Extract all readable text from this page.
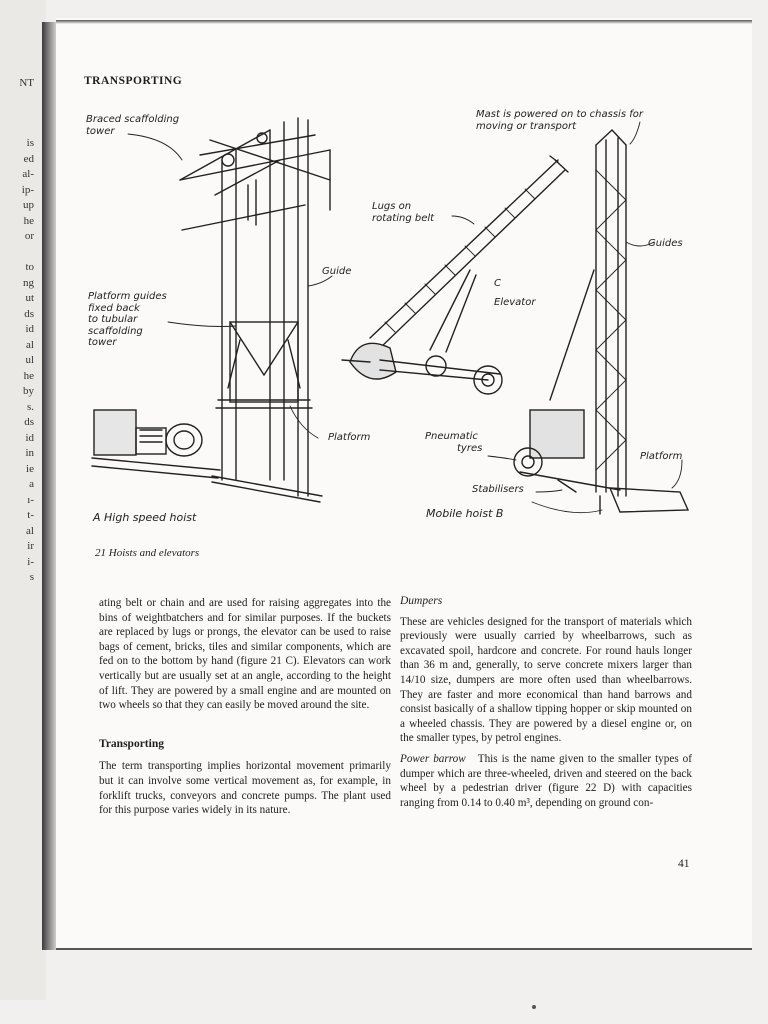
NT
is
ed
al-
ip-
up
he
or

to
ng
ut
ds
id
al
ul
he
by
s.
ds
id
in
ie
a
ı-
t-
al
ir
i-
s
TRANSPORTING
Braced scaffolding
tower
Guide
Platform guides
fixed back
to tubular
scaffolding
tower
Platform
A High speed hoist
Mast is powered on to chassis for
moving or transport
Lugs on
rotating belt
C
Elevator
Guides
Pneumatic
tyres
Platform
Stabilisers
Mobile hoist B
21 Hoists and elevators

ating belt or chain and are used for raising aggregates into the bins of weightbatchers and for similar purposes. If the buckets are replaced by lugs or prongs, the elevator can be used to raise bags of cement, bricks, tiles and similar components, which are fed on to the bottom by hand (figure 21 C). Elevators can work vertically but are usually set at an angle, according to the height of lift. They are powered by a small engine and are mounted on two wheels so that they can easily be moved around the site.

Transporting

The term transporting implies horizontal movement primarily but it can involve some vertical movement as, for example, in forklift trucks, conveyors and concrete pumps. The plant used for this purpose varies widely in its nature.

Dumpers

These are vehicles designed for the transport of materials which previously were usually carried by wheelbarrows, such as excavated spoil, hardcore and concrete. For round hauls longer than 36 m and, generally, to serve concrete mixers larger than 14/10 size, dumpers are more often used than wheelbarrows. They are faster and more economical than hand barrows and consist basically of a shallow tipping hopper or skip mounted on a wheeled chassis. They are powered by a diesel engine or, on the smaller types, by petrol engines.

Power barrow This is the name given to the smaller types of dumper which are three-wheeled, driven and steered on the back wheel by a pedestrian driver (figure 22 D) with capacities ranging from 0.14 to 0.40 m³, depending on ground con-

41
